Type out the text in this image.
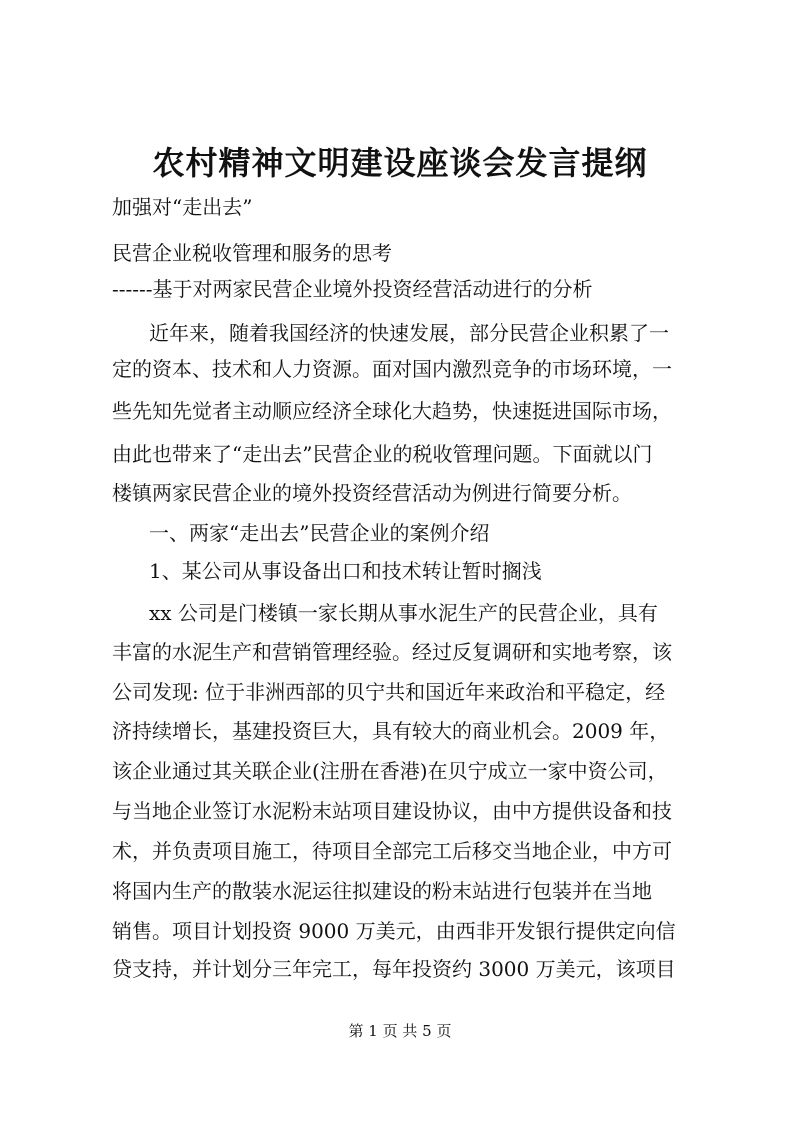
农村精神文明建设座谈会发言提纲
加强对“走出去”
民营企业税收管理和服务的思考
------基于对两家民营企业境外投资经营活动进行的分析
近年来，随着我国经济的快速发展，部分民营企业积累了一
定的资本、技术和人力资源。面对国内激烈竞争的市场环境，一
些先知先觉者主动顺应经济全球化大趋势，快速挺进国际市场，
由此也带来了“走出去”民营企业的税收管理问题。下面就以门
楼镇两家民营企业的境外投资经营活动为例进行简要分析。
一、两家“走出去”民营企业的案例介绍
1、某公司从事设备出口和技术转让暂时搁浅
xx 公司是门楼镇一家长期从事水泥生产的民营企业，具有
丰富的水泥生产和营销管理经验。经过反复调研和实地考察，该
公司发现: 位于非洲西部的贝宁共和国近年来政治和平稳定，经
济持续增长，基建投资巨大，具有较大的商业机会。2009 年，
该企业通过其关联企业(注册在香港)在贝宁成立一家中资公司，
与当地企业签订水泥粉末站项目建设协议，由中方提供设备和技
术，并负责项目施工，待项目全部完工后移交当地企业，中方可
将国内生产的散装水泥运往拟建设的粉末站进行包装并在当地
销售。项目计划投资 9000 万美元，由西非开发银行提供定向信
贷支持，并计划分三年完工，每年投资约 3000 万美元，该项目
第 1 页 共 5 页
